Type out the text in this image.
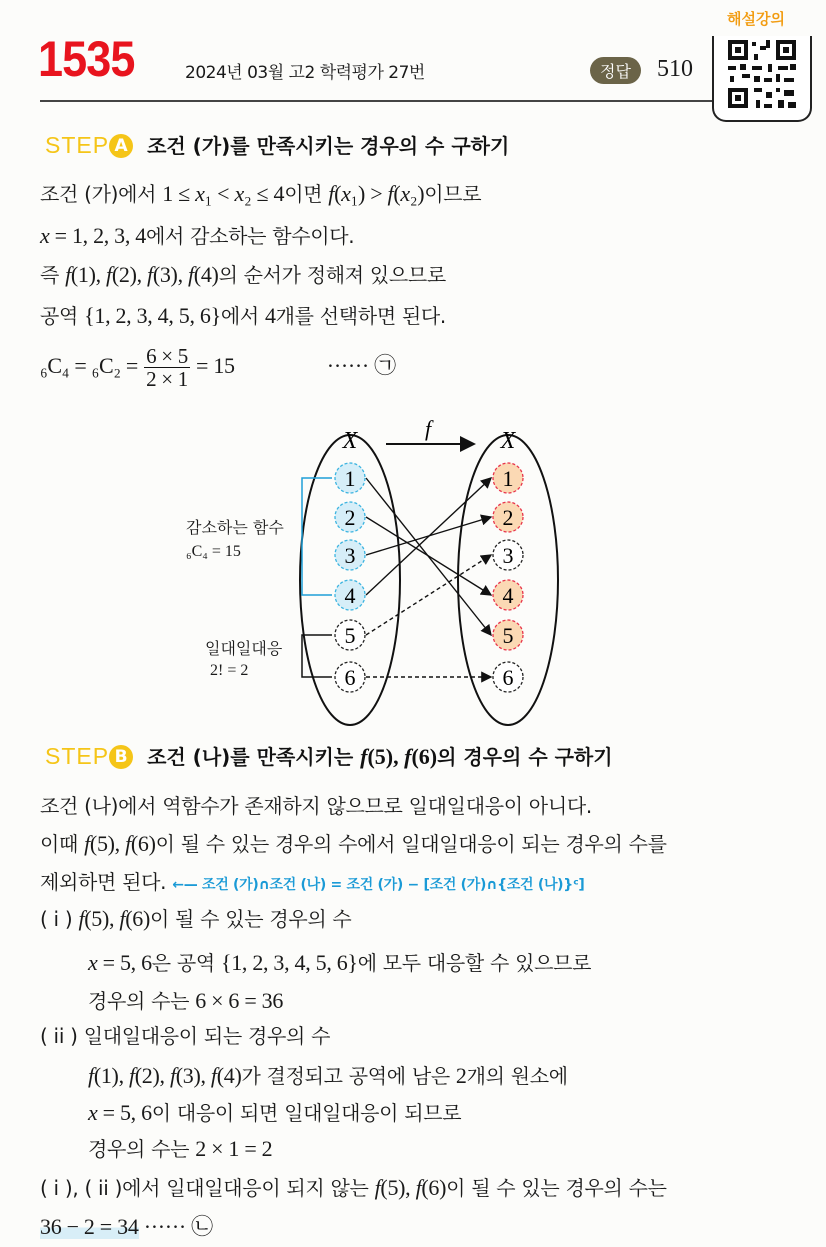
1535	2024년 03월 고2 학력평가 27번	정답	510
해설강의
STEP A 조건 (가)를 만족시키는 경우의 수 구하기
조건 (가)에서 1 ≤ x₁ < x₂ ≤ 4이면 f(x₁) > f(x₂)이므로
x = 1, 2, 3, 4에서 감소하는 함수이다.
즉 f(1), f(2), f(3), f(4)의 순서가 정해져 있으므로
공역 {1, 2, 3, 4, 5, 6}에서 4개를 선택하면 된다.
$_6C_4 = _6C_2 = \frac{6 \times 5}{2 \times 1} = 15$	······ ㉠
X	X
f
1	1
2	2
3	3
4	4
5	5
6	6
감소하는 함수
₆C₄ = 15
일대일대응
2! = 2
STEP B 조건 (나)를 만족시키는 f(5), f(6)의 경우의 수 구하기
조건 (나)에서 역함수가 존재하지 않으므로 일대일대응이 아니다.
이때 f(5), f(6)이 될 수 있는 경우의 수에서 일대일대응이 되는 경우의 수를
제외하면 된다. ←— 조건 (가)∩조건 (나) = 조건 (가) − [조건 (가)∩{조건 (나)}ᶜ]
( i ) f(5), f(6)이 될 수 있는 경우의 수
x = 5, 6은 공역 {1, 2, 3, 4, 5, 6}에 모두 대응할 수 있으므로
경우의 수는 6 × 6 = 36
( ii ) 일대일대응이 되는 경우의 수
f(1), f(2), f(3), f(4)가 결정되고 공역에 남은 2개의 원소에
x = 5, 6이 대응이 되면 일대일대응이 되므로
경우의 수는 2 × 1 = 2
( i ), ( ii )에서 일대일대응이 되지 않는 f(5), f(6)이 될 수 있는 경우의 수는
36 − 2 = 34 ······ ㉡
